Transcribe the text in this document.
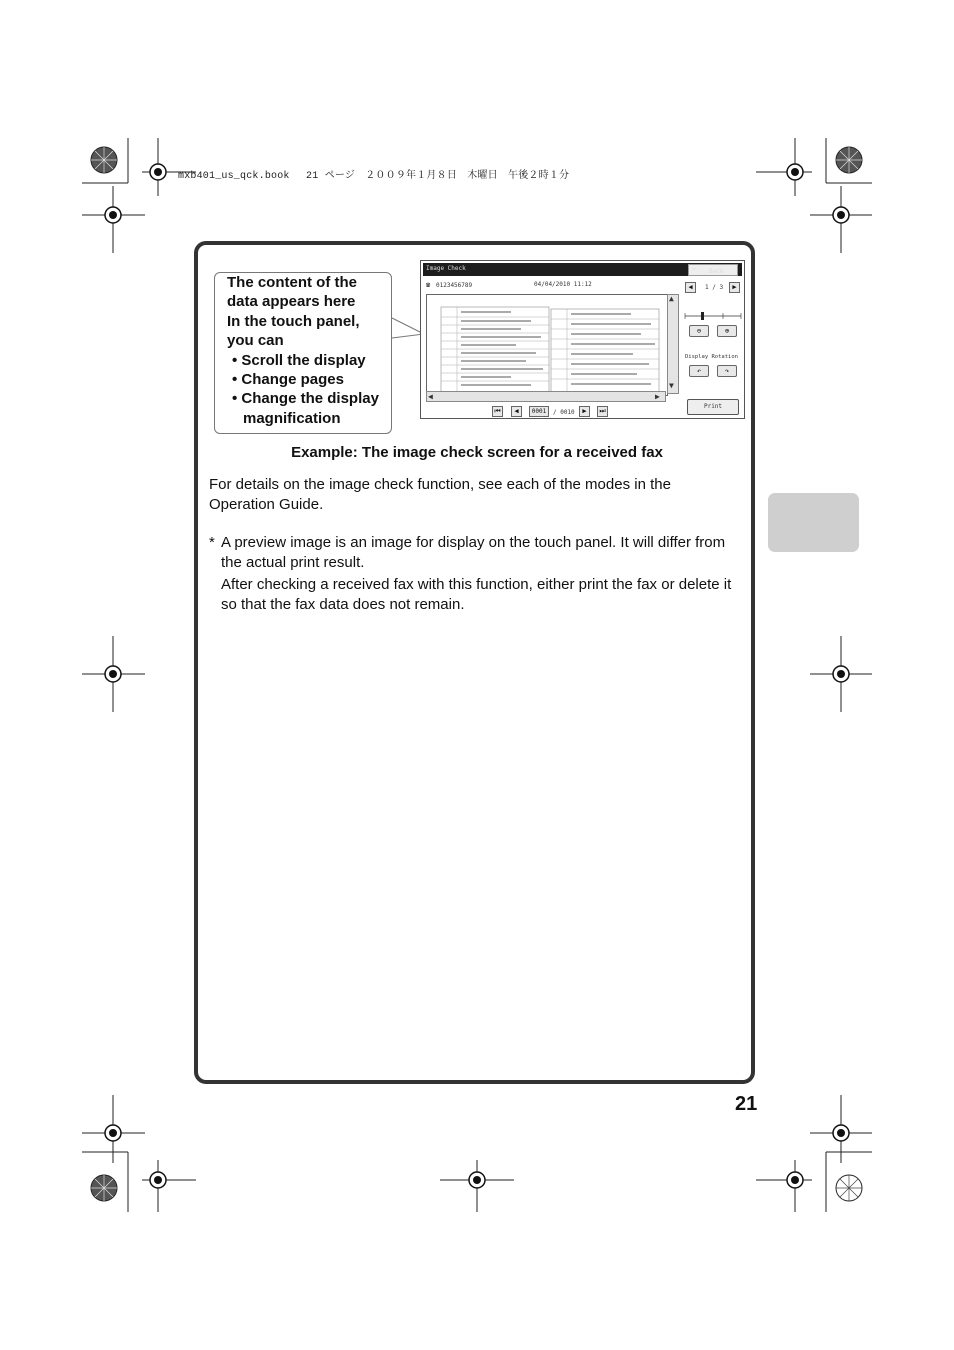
mxb401_us_qck.book　 21 ページ　２００９年１月８日　木曜日　午後２時１分
The content of the
data appears here
In the touch panel,
you can
• Scroll the display
• Change pages
• Change the display
magnification
Image Check	← Back
☎ 0123456789	04/04/2010 11:12
▲
▼
◀	▶
⏮	◀	0001	/ 0010	▶	⏭
◀	1 / 3	▶
⊖	⊕
Display Rotation
↶	↷
Print
Example: The image check screen for a received fax
For details on the image check function, see each of the modes in the Operation Guide.
* A preview image is an image for display on the touch panel. It will differ from the actual print result.

After checking a received fax with this function, either print the fax or delete it so that the fax data does not remain.

21
